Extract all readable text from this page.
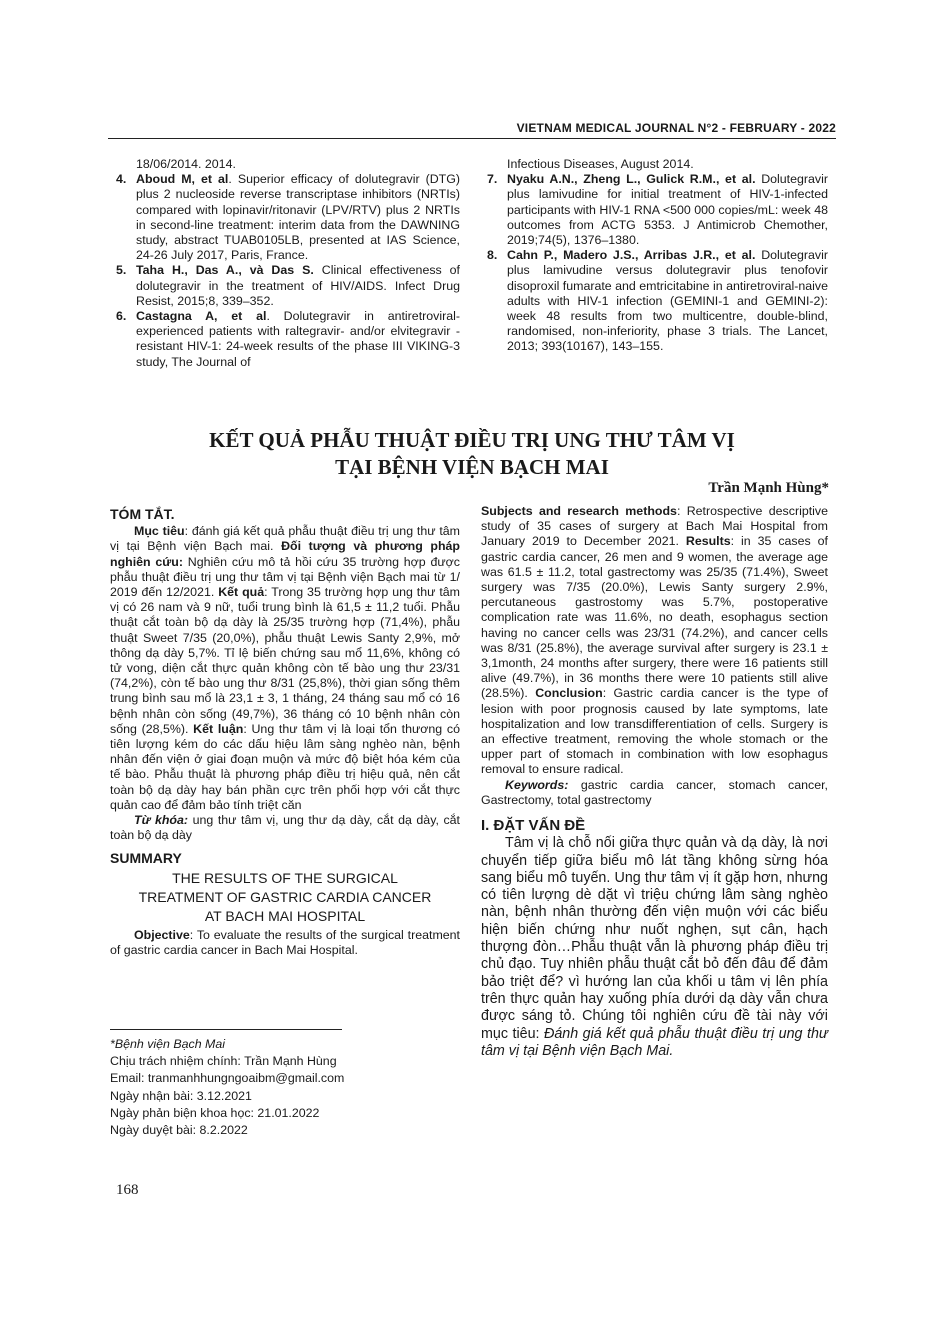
VIETNAM MEDICAL JOURNAL N°2 - FEBRUARY - 2022
18/06/2014. 2014.
4. Aboud M, et al. Superior efficacy of dolutegravir (DTG) plus 2 nucleoside reverse transcriptase inhibitors (NRTIs) compared with lopinavir/ritonavir (LPV/RTV) plus 2 NRTIs in second-line treatment: interim data from the DAWNING study, abstract TUAB0105LB, presented at IAS Science, 24-26 July 2017, Paris, France.
5. Taha H., Das A., và Das S. Clinical effectiveness of dolutegravir in the treatment of HIV/AIDS. Infect Drug Resist, 2015;8, 339–352.
6. Castagna A, et al. Dolutegravir in antiretroviral-experienced patients with raltegravir- and/or elvitegravir - resistant HIV-1: 24-week results of the phase III VIKING-3 study, The Journal of
Infectious Diseases, August 2014.
7. Nyaku A.N., Zheng L., Gulick R.M., et al. Dolutegravir plus lamivudine for initial treatment of HIV-1-infected participants with HIV-1 RNA <500 000 copies/mL: week 48 outcomes from ACTG 5353. J Antimicrob Chemother, 2019;74(5), 1376–1380.
8. Cahn P., Madero J.S., Arribas J.R., et al. Dolutegravir plus lamivudine versus dolutegravir plus tenofovir disoproxil fumarate and emtricitabine in antiretroviral-naive adults with HIV-1 infection (GEMINI-1 and GEMINI-2): week 48 results from two multicentre, double-blind, randomised, non-inferiority, phase 3 trials. The Lancet, 2013; 393(10167), 143–155.
KẾT QUẢ PHẪU THUẬT ĐIỀU TRỊ UNG THƯ TÂM VỊ
TẠI BỆNH VIỆN BẠCH MAI
Trần Mạnh Hùng*
TÓM TẮT.

Mục tiêu: đánh giá kết quả phẫu thuật điều trị ung thư tâm vị tại Bệnh viện Bạch mai. Đối tượng và phương pháp nghiên cứu: Nghiên cứu mô tả hồi cứu 35 trường hợp được phẫu thuật điều trị ung thư tâm vị tại Bệnh viện Bạch mai từ 1/ 2019 đến 12/2021. Kết quả: Trong 35 trường hợp ung thư tâm vị có 26 nam và 9 nữ, tuổi trung bình là 61,5 ± 11,2 tuổi. Phẫu thuật cắt toàn bộ dạ dày là 25/35 trường hợp (71,4%), phẫu thuật Sweet 7/35 (20,0%), phẫu thuật Lewis Santy 2,9%, mở thông dạ dày 5,7%. Tỉ lệ biến chứng sau mổ 11,6%, không có tử vong, diện cắt thực quản không còn tế bào ung thư 23/31 (74,2%), còn tế bào ung thư 8/31 (25,8%), thời gian sống thêm trung bình sau mổ là 23,1 ± 3, 1 tháng, 24 tháng sau mổ có 16 bệnh nhân còn sống (49,7%), 36 tháng có 10 bệnh nhân còn sống (28,5%). Kết luận: Ung thư tâm vị là loại tổn thương có tiên lượng kém do các dấu hiệu lâm sàng nghèo nàn, bệnh nhân đến viện ở giai đoạn muộn và mức độ biệt hóa kém của tế bào. Phẫu thuật là phương pháp điều trị hiệu quả, nên cắt toàn bộ dạ dày hay bán phần cực trên phối hợp với cắt thực quản cao để đảm bảo tính triệt căn

Từ khóa: ung thư tâm vị, ung thư dạ dày, cắt dạ dày, cắt toàn bộ dạ dày

SUMMARY
THE RESULTS OF THE SURGICAL
TREATMENT OF GASTRIC CARDIA CANCER
AT BACH MAI HOSPITAL

Objective: To evaluate the results of the surgical treatment of gastric cardia cancer in Bach Mai Hospital.

Subjects and research methods: Retrospective descriptive study of 35 cases of surgery at Bach Mai Hospital from January 2019 to December 2021. Results: in 35 cases of gastric cardia cancer, 26 men and 9 women, the average age was 61.5 ± 11.2, total gastrectomy was 25/35 (71.4%), Sweet surgery was 7/35 (20.0%), Lewis Santy surgery 2.9%, percutaneous gastrostomy was 5.7%, postoperative complication rate was 11.6%, no death, esophagus section having no cancer cells was 23/31 (74.2%), and cancer cells was 8/31 (25.8%), the average survival after surgery is 23.1 ± 3,1month, 24 months after surgery, there were 16 patients still alive (49.7%), in 36 months there were 10 patients still alive (28.5%). Conclusion: Gastric cardia cancer is the type of lesion with poor prognosis caused by late symptoms, late hospitalization and low transdifferentiation of cells. Surgery is an effective treatment, removing the whole stomach or the upper part of stomach in combination with low esophagus removal to ensure radical.

Keywords: gastric cardia cancer, stomach cancer, Gastrectomy, total gastrectomy

I. ĐẶT VẤN ĐỀ

Tâm vị là chỗ nối giữa thực quản và dạ dày, là nơi chuyển tiếp giữa biểu mô lát tầng không sừng hóa sang biểu mô tuyến. Ung thư tâm vị ít gặp hơn, nhưng có tiên lượng dè dặt vì triệu chứng lâm sàng nghèo nàn, bệnh nhân thường đến viện muộn với các biểu hiện biến chứng như nuốt nghẹn, sụt cân, hạch thượng đòn…Phẫu thuật vẫn là phương pháp điều trị chủ đạo. Tuy nhiên phẫu thuật cắt bỏ đến đâu để đảm bảo triệt để? vì hướng lan của khối u tâm vị lên phía trên thực quản hay xuống phía dưới dạ dày vẫn chưa được sáng tỏ. Chúng tôi nghiên cứu đề tài này với mục tiêu: Đánh giá kết quả phẫu thuật điều trị ung thư tâm vị tại Bệnh viện Bạch Mai.

*Bệnh viện Bạch Mai
Chịu trách nhiệm chính: Trần Mạnh Hùng
Email: tranmanhhungngoaibm@gmail.com
Ngày nhận bài: 3.12.2021
Ngày phản biện khoa học: 21.01.2022
Ngày duyệt bài: 8.2.2022
168
